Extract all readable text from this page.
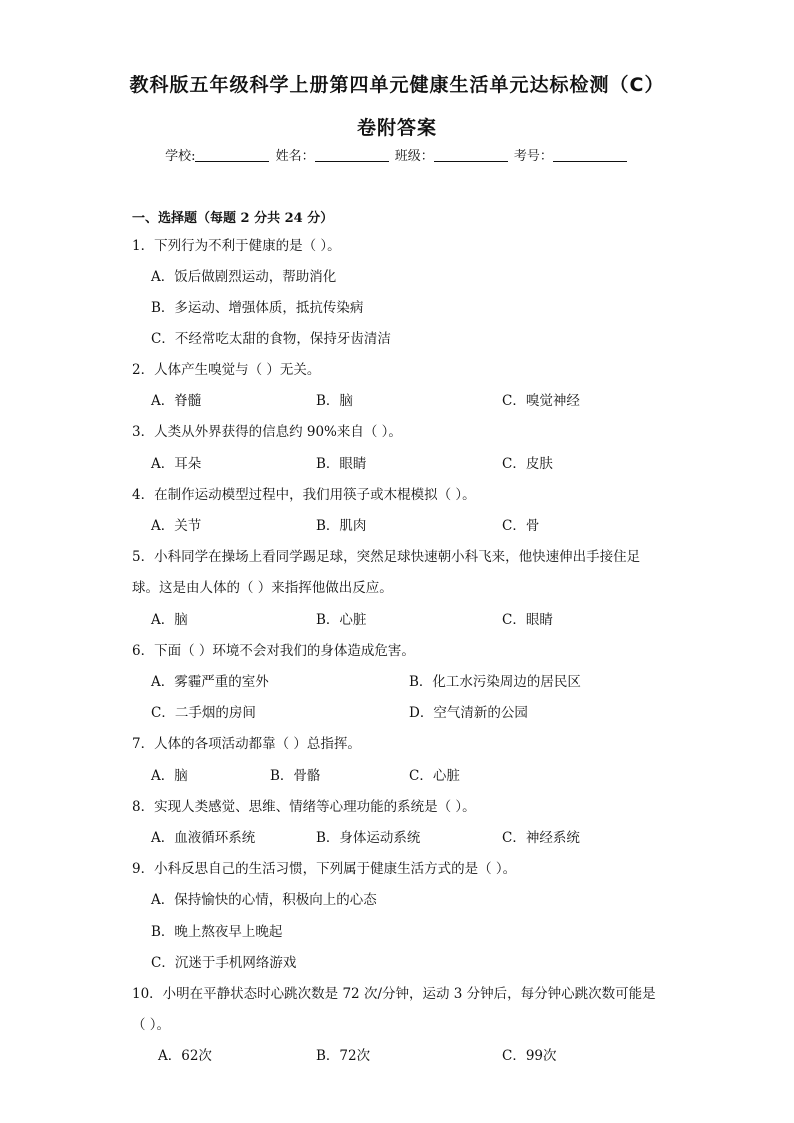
教科版五年级科学上册第四单元健康生活单元达标检测（C）
卷附答案
学校:	姓名：	班级：	考号：
一、选择题（每题 2 分共 24 分）
1．下列行为不利于健康的是（ ）。
A．饭后做剧烈运动，帮助消化
B．多运动、增强体质，抵抗传染病
C．不经常吃太甜的食物，保持牙齿清洁
2．人体产生嗅觉与（ ）无关。
A．脊髓	B．脑	C．嗅觉神经
3．人类从外界获得的信息约 90%来自（ ）。
A．耳朵	B．眼睛	C．皮肤
4．在制作运动模型过程中，我们用筷子或木棍模拟（ ）。
A．关节	B．肌肉	C．骨
5．小科同学在操场上看同学踢足球，突然足球快速朝小科飞来，他快速伸出手接住足
球。这是由人体的（ ）来指挥他做出反应。
A．脑	B．心脏	C．眼睛
6．下面（ ）环境不会对我们的身体造成危害。
A．雾霾严重的室外	B．化工水污染周边的居民区
C．二手烟的房间	D．空气清新的公园
7．人体的各项活动都靠（ ）总指挥。
A．脑	B．骨骼	C．心脏
8．实现人类感觉、思维、情绪等心理功能的系统是（ ）。
A．血液循环系统	B．身体运动系统	C．神经系统
9．小科反思自己的生活习惯，下列属于健康生活方式的是（ ）。
A．保持愉快的心情，积极向上的心态
B．晚上熬夜早上晚起
C．沉迷于手机网络游戏
10．小明在平静状态时心跳次数是 72 次/分钟，运动 3 分钟后，每分钟心跳次数可能是
（ ）。
A．62次	B．72次	C．99次
